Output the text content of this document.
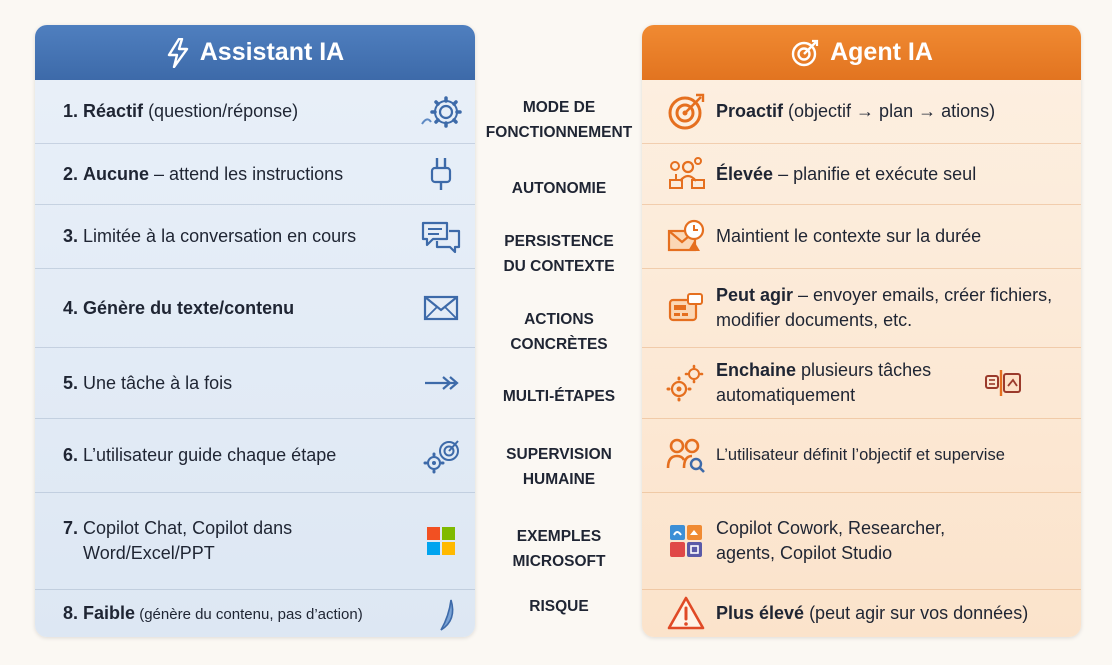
Assistant IA
1. Réactif (question/réponse)
2. Aucune – attend les instructions
3. Limitée à la conversation en cours
4. Génère du texte/contenu
5. Une tâche à la fois
6. L’utilisateur guide chaque étape
7. Copilot Chat, Copilot dans Word/Excel/PPT
8. Faible (génère du contenu, pas d’action)
MODE DE
FONCTIONNEMENT
AUTONOMIE
PERSISTENCE
DU CONTEXTE
ACTIONS
CONCRÈTES
MULTI-ÉTAPES
SUPERVISION
HUMAINE
EXEMPLES
MICROSOFT
RISQUE
Agent IA
Proactif (objectif → plan → ations)
Élevée – planifie et exécute seul
Maintient le contexte sur la durée
Peut agir – envoyer emails, créer fichiers, modifier documents, etc.
Enchaine plusieurs tâches automatiquement
L’utilisateur définit l’objectif et supervise
Copilot Cowork, Researcher, agents, Copilot Studio
Plus élevé (peut agir sur vos données)
